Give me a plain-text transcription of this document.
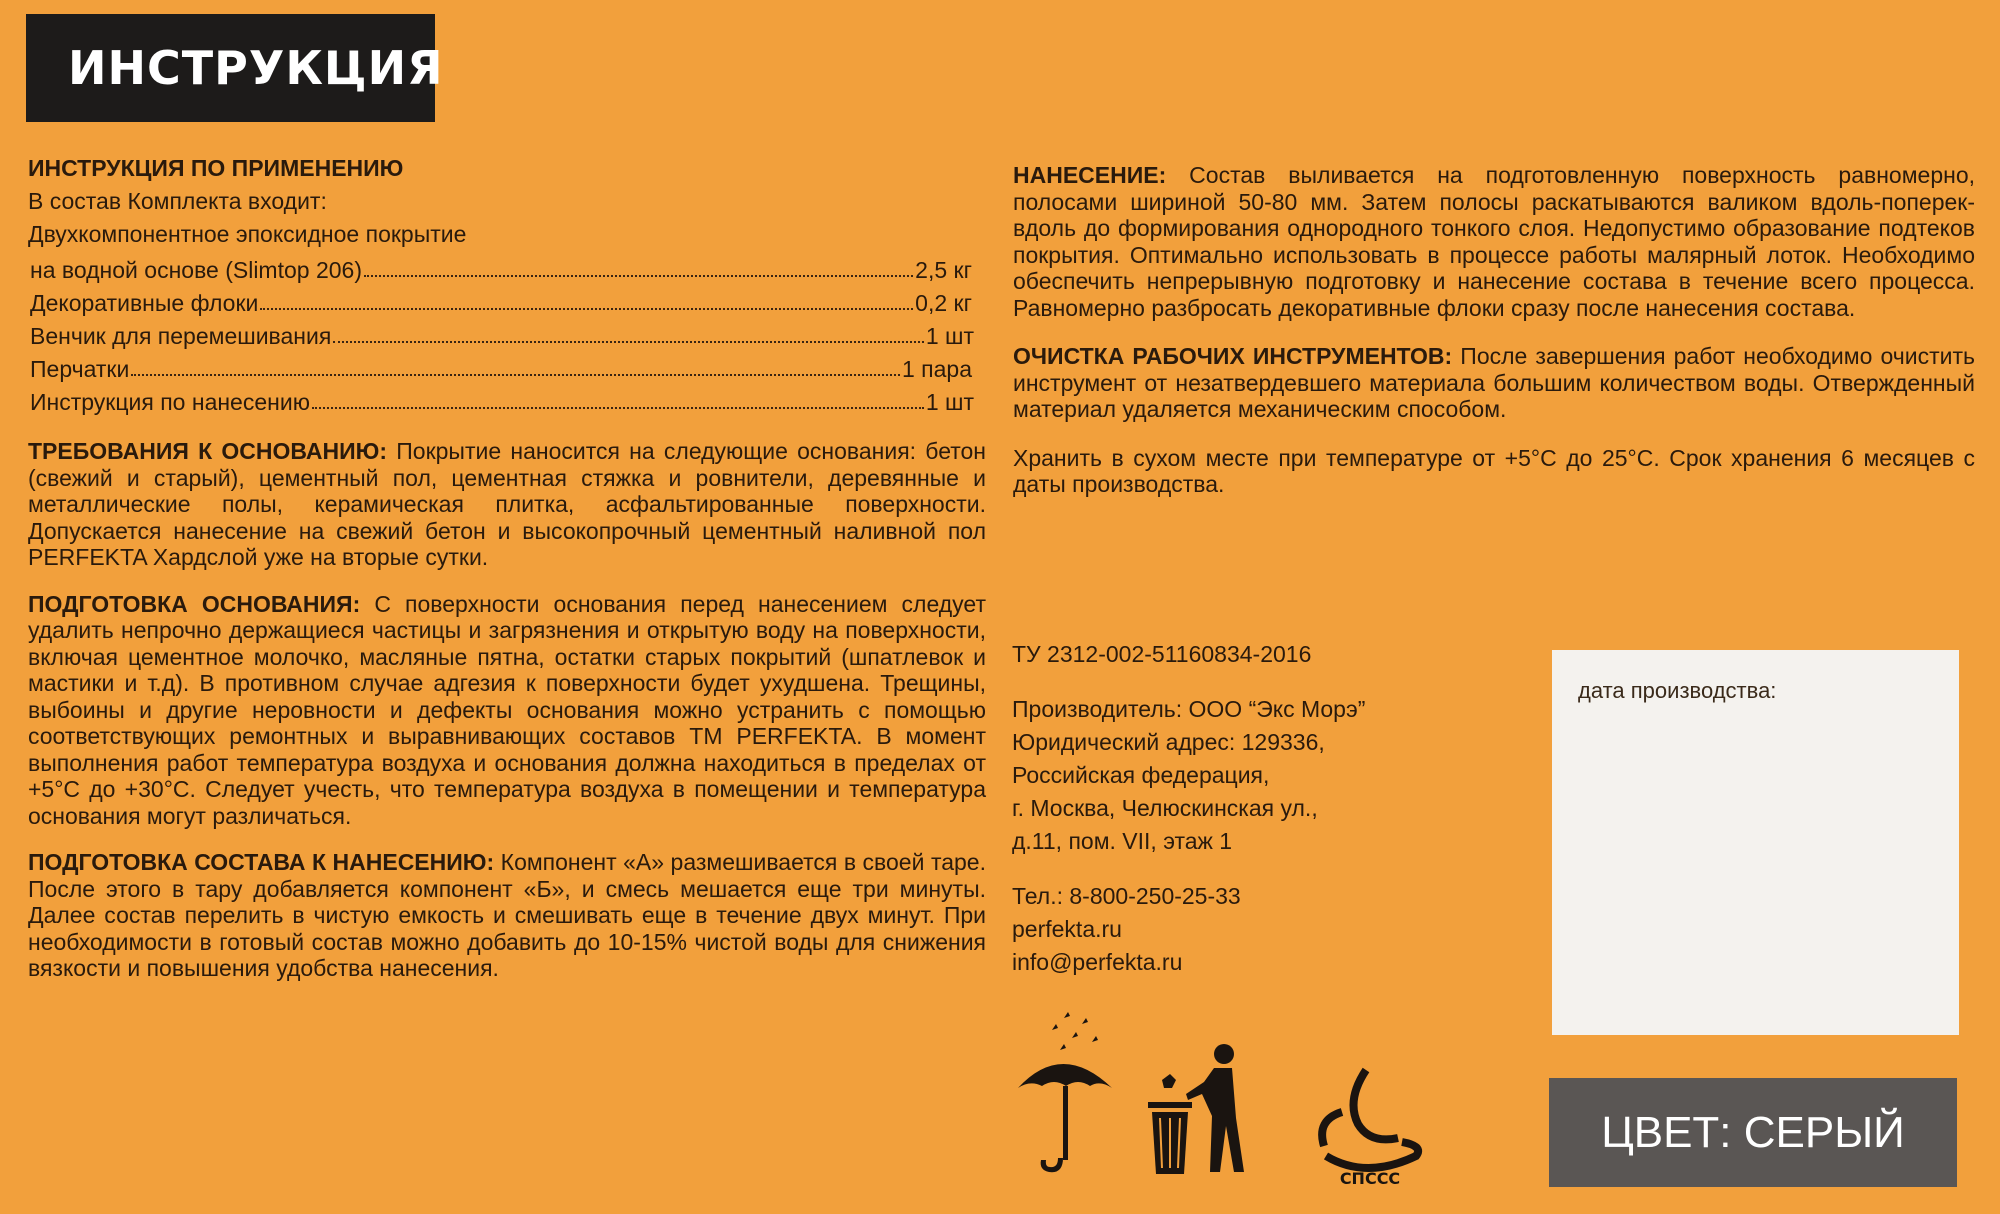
ИНСТРУКЦИЯ
ИНСТРУКЦИЯ ПО ПРИМЕНЕНИЮ
В состав Комплекта входит:
Двухкомпонентное эпоксидное покрытие
на водной основе (Slimtop 206)	2,5 кг
Декоративные флоки	0,2 кг
Венчик для перемешивания	1 шт
Перчатки	1 пара
Инструкция по нанесению	1 шт

ТРЕБОВАНИЯ К ОСНОВАНИЮ: Покрытие наносится на следующие основания: бетон (свежий и старый), цементный пол, цементная стяжка и ровнители, деревянные и металлические полы, керамическая плитка, асфальтированные поверхности. Допускается нанесение на свежий бетон и высокопрочный цементный наливной пол PERFEKTA Хардслой уже на вторые сутки.

ПОДГОТОВКА ОСНОВАНИЯ: С поверхности основания перед нанесением следует удалить непрочно держащиеся частицы и загрязнения и открытую воду на поверхности, включая цементное молочко, масляные пятна, остатки старых покрытий (шпатлевок и мастики и т.д). В противном случае адгезия к поверхности будет ухудшена. Трещины, выбоины и другие неровности и дефекты основания можно устранить с помощью соответствующих ремонтных и выравнивающих составов ТМ PERFEKTA. В момент выполнения работ температура воздуха и основания должна находиться в пределах от +5°C до +30°C. Следует учесть, что температура воздуха в помещении и температура основания могут различаться.

ПОДГОТОВКА СОСТАВА К НАНЕСЕНИЮ: Компонент «А» размешивается в своей таре. После этого в тару добавляется компонент «Б», и смесь мешается еще три минуты. Далее состав перелить в чистую емкость и смешивать еще в течение двух минут. При необходимости в готовый состав можно добавить до 10-15% чистой воды для снижения вязкости и повышения удобства нанесения.

НАНЕСЕНИЕ: Состав выливается на подготовленную поверхность равномерно, полосами шириной 50-80 мм. Затем полосы раскатываются валиком вдоль-поперек-вдоль до формирования однородного тонкого слоя. Недопустимо образование подтеков покрытия. Оптимально использовать в процессе работы малярный лоток. Необходимо обеспечить непрерывную подготовку и нанесение состава в течение всего процесса. Равномерно разбросать декоративные флоки сразу после нанесения состава.

ОЧИСТКА РАБОЧИХ ИНСТРУМЕНТОВ: После завершения работ необходимо очистить инструмент от незатвердевшего материала большим количеством воды. Отвержденный материал удаляется механическим способом.

Хранить в сухом месте при температуре от +5°C до 25°C. Срок хранения 6 месяцев с даты производства.

ТУ 2312-002-51160834-2016

Производитель: ООО “Экс Морэ”

Юридический адрес: 129336,

Российская федерация,

г. Москва, Челюскинская ул.,

д.11, пом. VII, этаж 1

Тел.: 8-800-250-25-33

perfekta.ru

info@perfekta.ru

дата производства:
ЦВЕТ: СЕРЫЙ
СПССС
